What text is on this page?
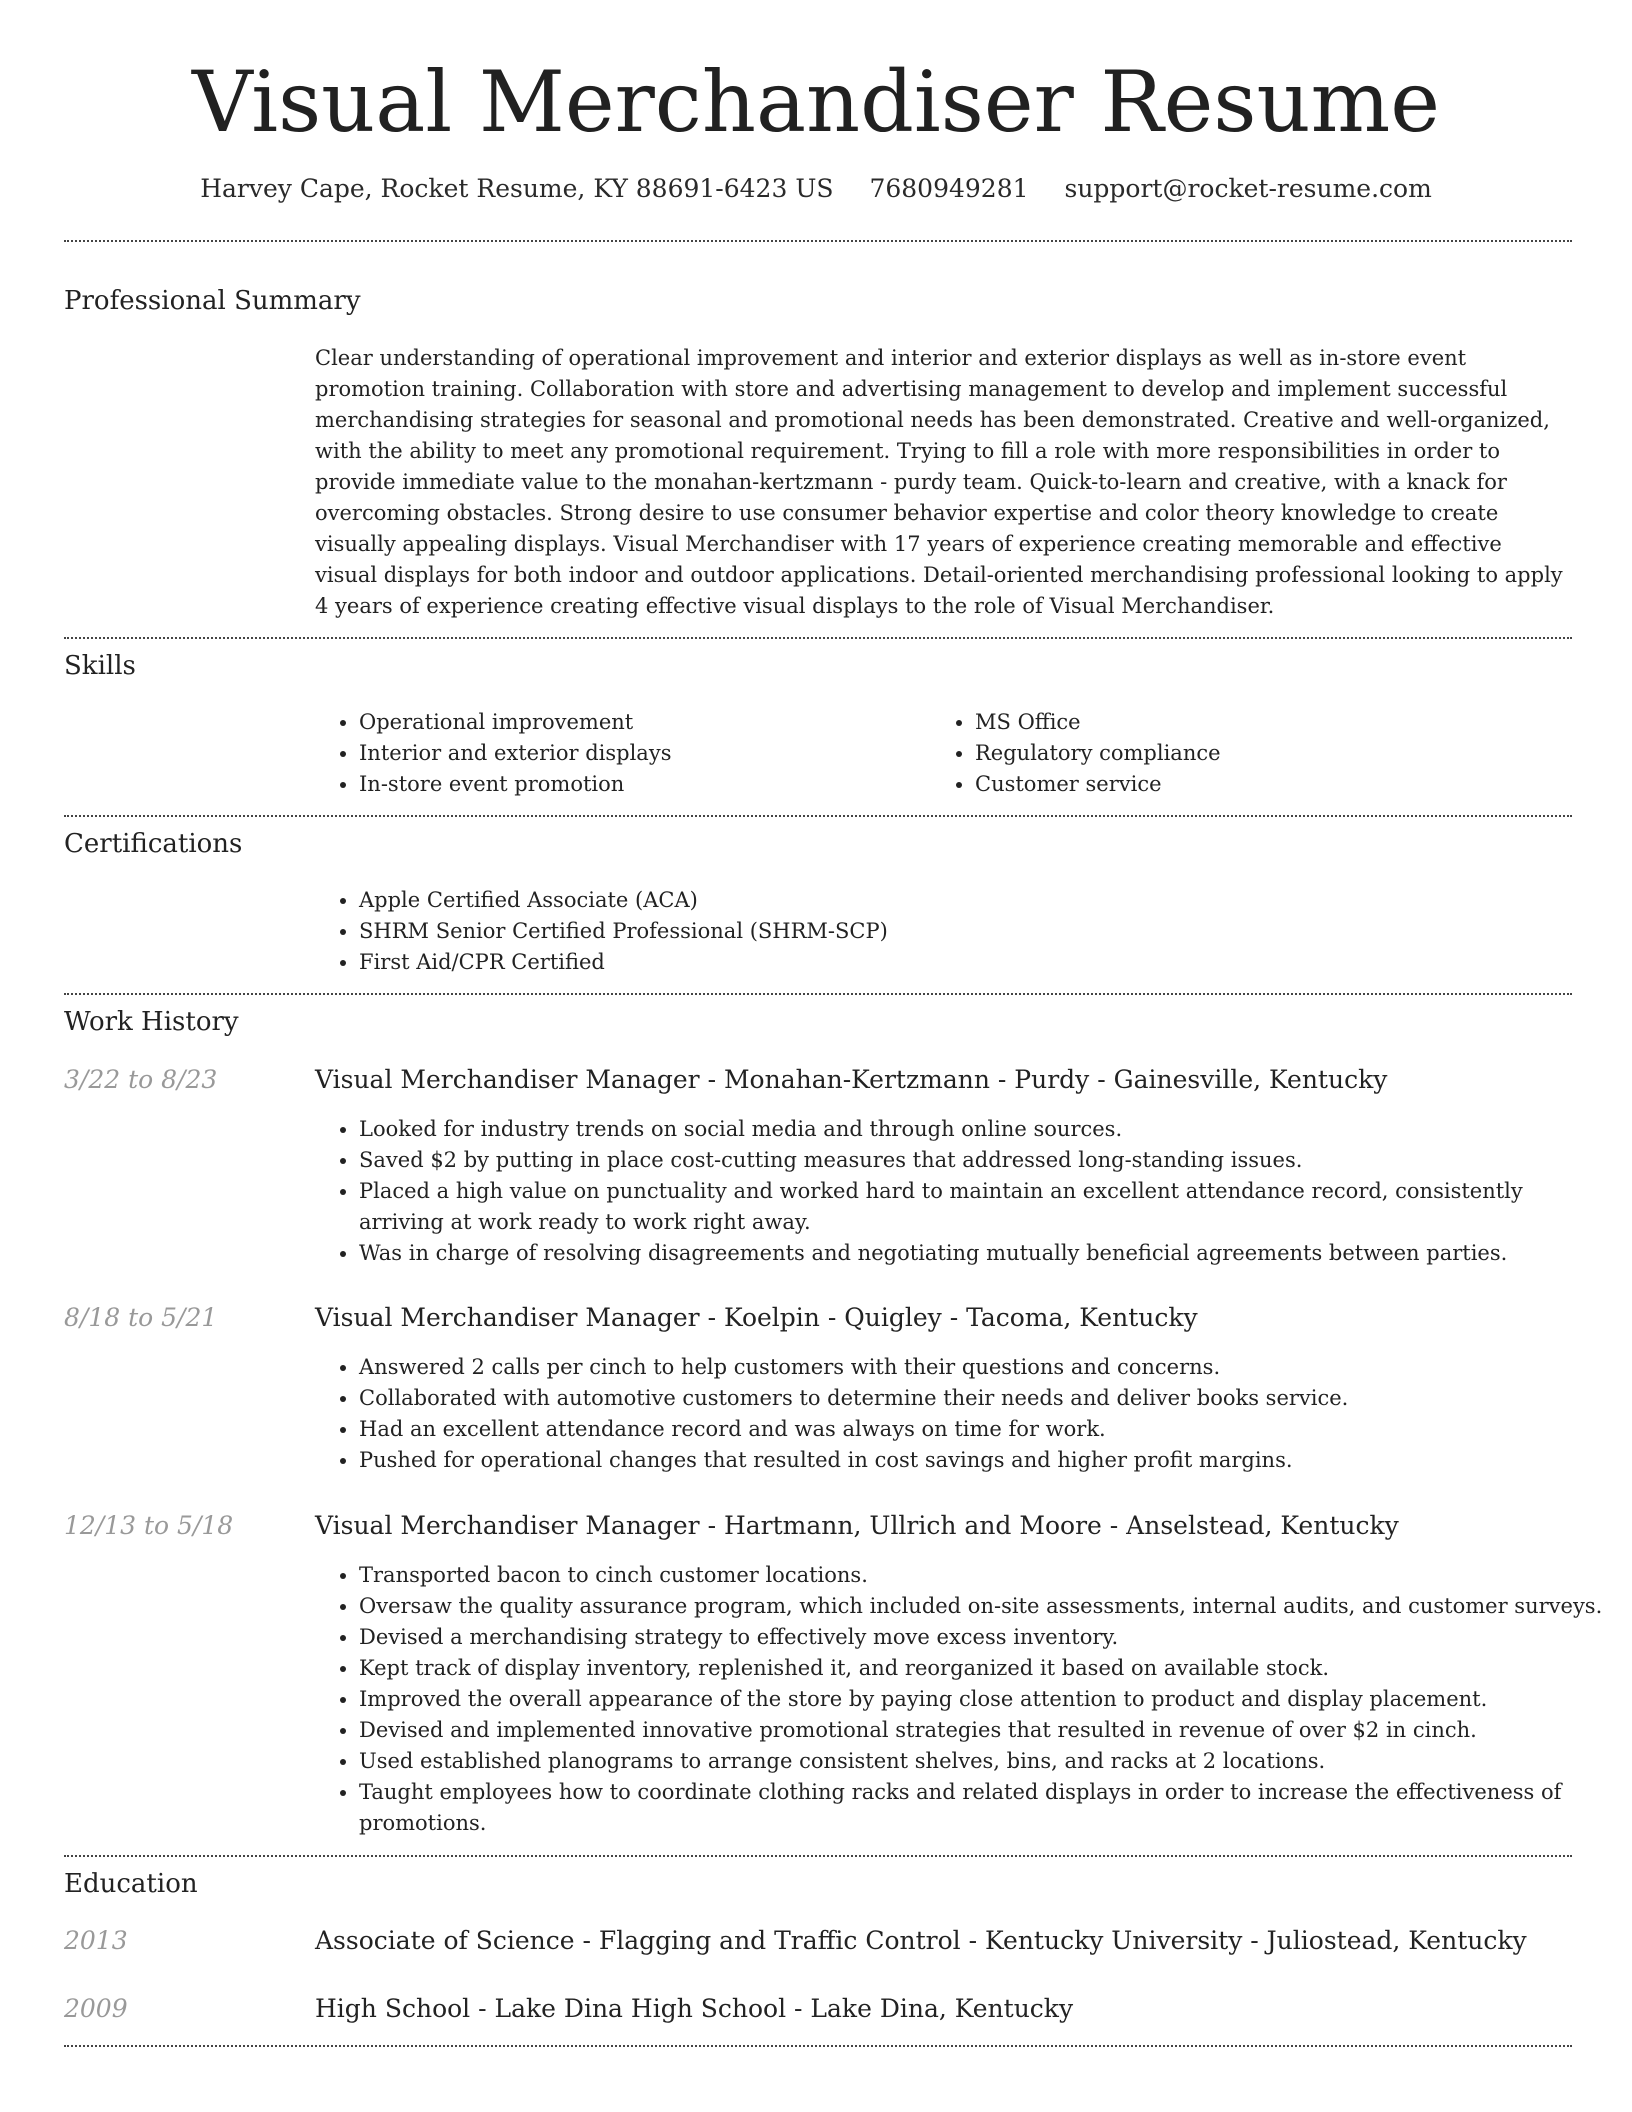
Visual Merchandiser Resume
Harvey Cape, Rocket Resume, KY 88691-6423 US 7680949281 support@rocket-resume.com
Professional Summary

Clear understanding of operational improvement and interior and exterior displays as well as in-store event promotion training. Collaboration with store and advertising management to develop and implement successful merchandising strategies for seasonal and promotional needs has been demonstrated. Creative and well-organized, with the ability to meet any promotional requirement. Trying to fill a role with more responsibilities in order to provide immediate value to the monahan-kertzmann - purdy team. Quick-to-learn and creative, with a knack for overcoming obstacles. Strong desire to use consumer behavior expertise and color theory knowledge to create visually appealing displays. Visual Merchandiser with 17 years of experience creating memorable and effective visual displays for both indoor and outdoor applications. Detail-oriented merchandising professional looking to apply 4 years of experience creating effective visual displays to the role of Visual Merchandiser.

Skills
• Operational improvement
• Interior and exterior displays
• In-store event promotion
• MS Office
• Regulatory compliance
• Customer service
Certifications
• Apple Certified Associate (ACA)
• SHRM Senior Certified Professional (SHRM-SCP)
• First Aid/CPR Certified
Work History
3/22 to 8/23	Visual Merchandiser Manager - Monahan-Kertzmann - Purdy - Gainesville, Kentucky
• Looked for industry trends on social media and through online sources.
• Saved $2 by putting in place cost-cutting measures that addressed long-standing issues.
• Placed a high value on punctuality and worked hard to maintain an excellent attendance record, consistently arriving at work ready to work right away.
• Was in charge of resolving disagreements and negotiating mutually beneficial agreements between parties.
8/18 to 5/21	Visual Merchandiser Manager - Koelpin - Quigley - Tacoma, Kentucky
• Answered 2 calls per cinch to help customers with their questions and concerns.
• Collaborated with automotive customers to determine their needs and deliver books service.
• Had an excellent attendance record and was always on time for work.
• Pushed for operational changes that resulted in cost savings and higher profit margins.
12/13 to 5/18	Visual Merchandiser Manager - Hartmann, Ullrich and Moore - Anselstead, Kentucky
• Transported bacon to cinch customer locations.
• Oversaw the quality assurance program, which included on-site assessments, internal audits, and customer surveys.
• Devised a merchandising strategy to effectively move excess inventory.
• Kept track of display inventory, replenished it, and reorganized it based on available stock.
• Improved the overall appearance of the store by paying close attention to product and display placement.
• Devised and implemented innovative promotional strategies that resulted in revenue of over $2 in cinch.
• Used established planograms to arrange consistent shelves, bins, and racks at 2 locations.
• Taught employees how to coordinate clothing racks and related displays in order to increase the effectiveness of promotions.
Education
2013	Associate of Science - Flagging and Traffic Control - Kentucky University - Juliostead, Kentucky
2009	High School - Lake Dina High School - Lake Dina, Kentucky
